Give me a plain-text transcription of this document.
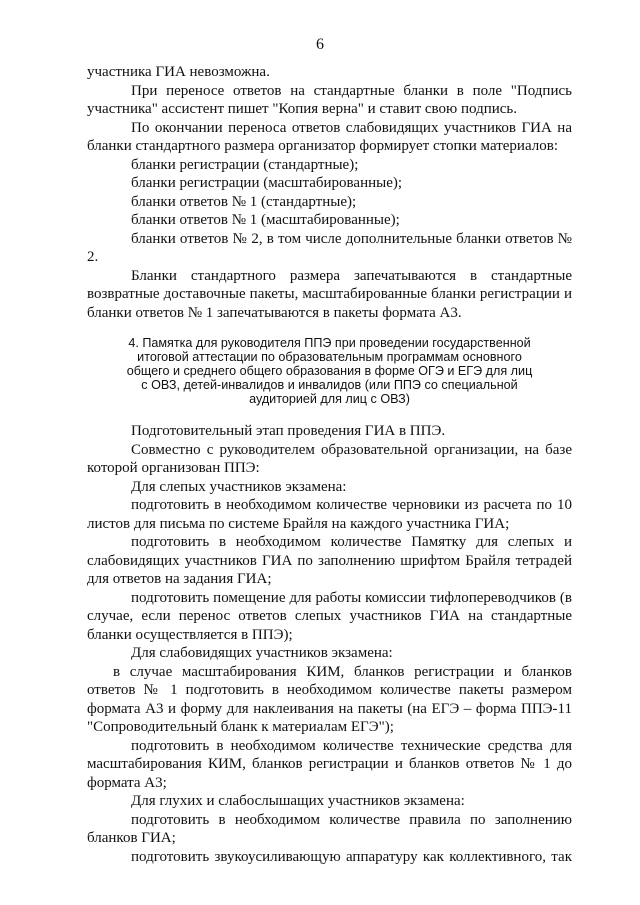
6

участника ГИА невозможна.

При переносе ответов на стандартные бланки в поле "Подпись участника" ассистент пишет "Копия верна" и ставит свою подпись.

По окончании переноса ответов слабовидящих участников ГИА на бланки стандартного размера организатор формирует стопки материалов:

бланки регистрации (стандартные);

бланки регистрации (масштабированные);

бланки ответов № 1 (стандартные);

бланки ответов № 1 (масштабированные);

бланки ответов № 2, в том числе дополнительные бланки ответов № 2.

Бланки стандартного размера запечатываются в стандартные возвратные доставочные пакеты, масштабированные бланки регистрации и бланки ответов № 1 запечатываются в пакеты формата А3.

4. Памятка для руководителя ППЭ при проведении государственной
итоговой аттестации по образовательным программам основного
общего и среднего общего образования в форме ОГЭ и ЕГЭ для лиц
с ОВЗ, детей-инвалидов и инвалидов (или ППЭ со специальной
аудиторией для лиц с ОВЗ)

Подготовительный этап проведения ГИА в ППЭ.

Совместно с руководителем образовательной организации, на базе которой организован ППЭ:

Для слепых участников экзамена:

подготовить в необходимом количестве черновики из расчета по 10 листов для письма по системе Брайля на каждого участника ГИА;

подготовить в необходимом количестве Памятку для слепых и слабовидящих участников ГИА по заполнению шрифтом Брайля тетрадей для ответов на задания ГИА;

подготовить помещение для работы комиссии тифлопереводчиков (в случае, если перенос ответов слепых участников ГИА на стандартные бланки осуществляется в ППЭ);

Для слабовидящих участников экзамена:

в случае масштабирования КИМ, бланков регистрации и бланков ответов № 1 подготовить в необходимом количестве пакеты размером формата А3 и форму для наклеивания на пакеты (на ЕГЭ – форма ППЭ-11 "Сопроводительный бланк к материалам ЕГЭ");

подготовить в необходимом количестве технические средства для масштабирования КИМ, бланков регистрации и бланков ответов № 1 до формата А3;

Для глухих и слабослышащих участников экзамена:

подготовить в необходимом количестве правила по заполнению бланков ГИА;

подготовить звукоусиливающую аппаратуру как коллективного, так
